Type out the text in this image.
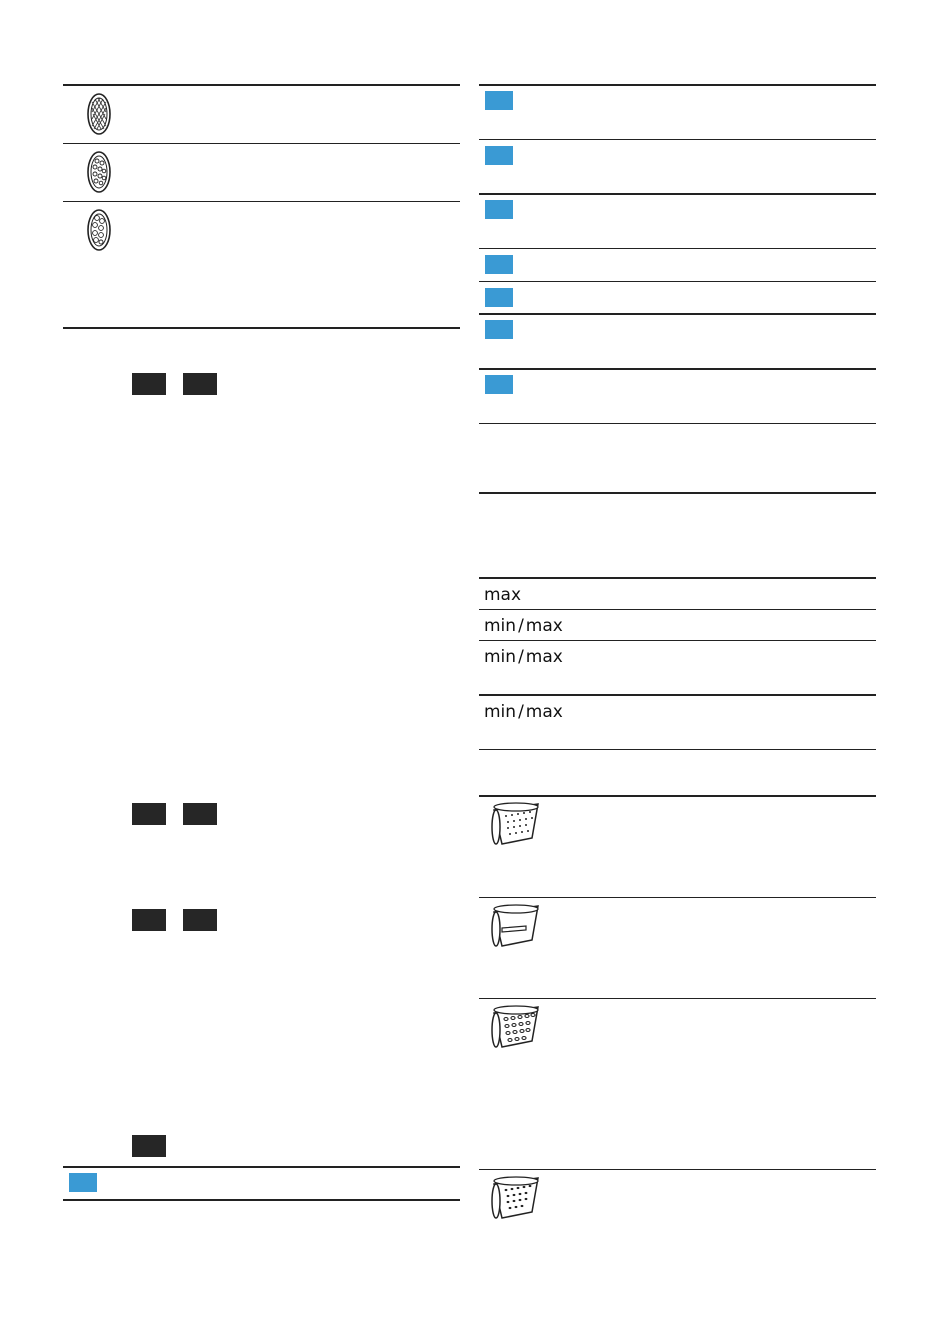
max
min / max
min / max
min / max
